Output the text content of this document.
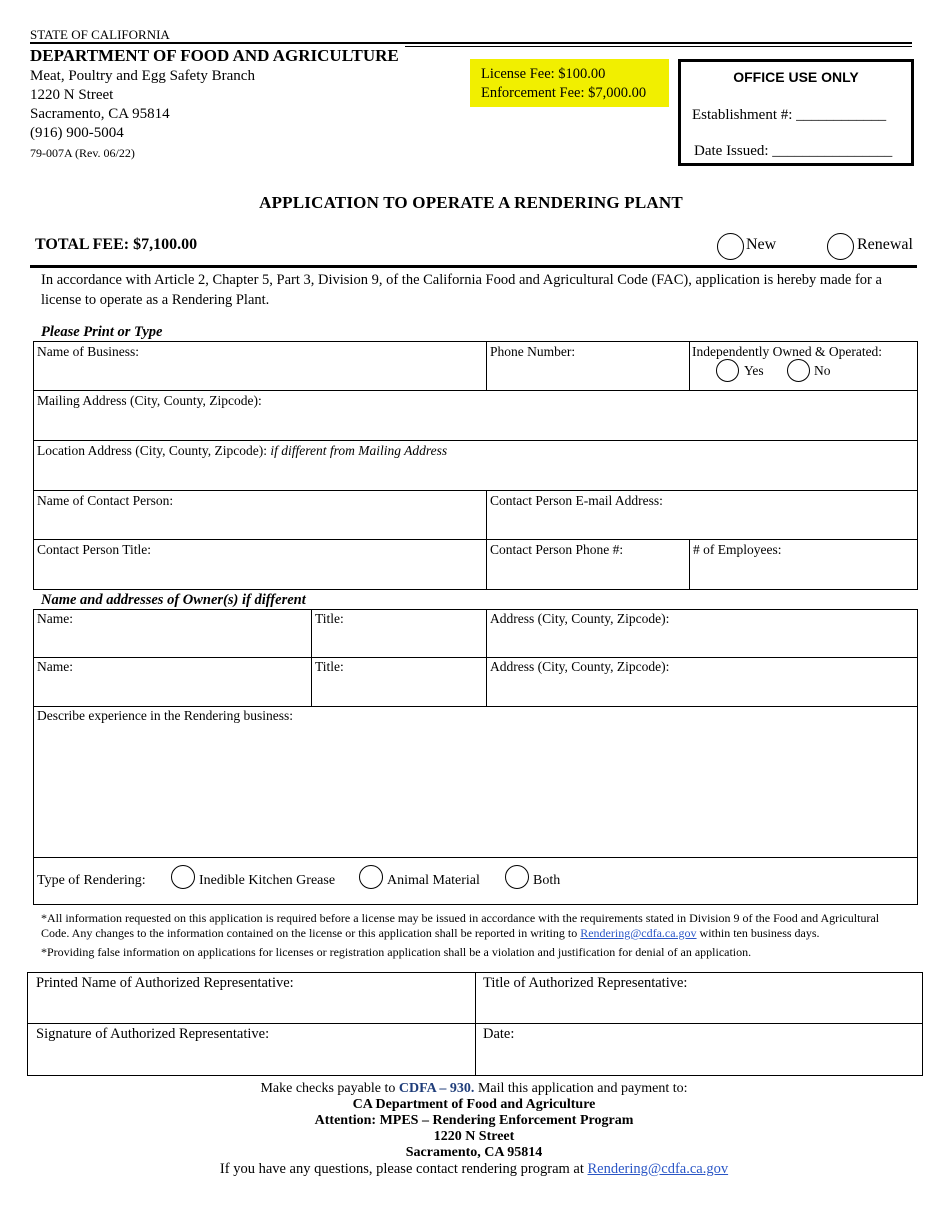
STATE OF CALIFORNIA
DEPARTMENT OF FOOD AND AGRICULTURE
Meat, Poultry and Egg Safety Branch
1220 N Street
Sacramento, CA 95814
(916) 900-5004
79-007A (Rev. 06/22)
License Fee: $100.00
Enforcement Fee: $7,000.00
OFFICE USE ONLY
Establishment #: ____________
Date Issued: ________________
APPLICATION TO OPERATE A RENDERING PLANT
TOTAL FEE: $7,100.00	New	Renewal
In accordance with Article 2, Chapter 5, Part 3, Division 9, of the California Food and Agricultural Code (FAC), application is hereby made for a license to operate as a Rendering Plant.
Please Print or Type
Name of Business:	Phone Number:	Independently Owned & Operated:
Yes	No
Mailing Address (City, County, Zipcode):
Location Address (City, County, Zipcode): if different from Mailing Address
Name of Contact Person:	Contact Person E-mail Address:
Contact Person Title:	Contact Person Phone #:	# of Employees:
Name and addresses of Owner(s) if different
Name:	Title:	Address (City, County, Zipcode):
Name:	Title:	Address (City, County, Zipcode):
Describe experience in the Rendering business:
Type of Rendering:	Inedible Kitchen Grease	Animal Material	Both
*All information requested on this application is required before a license may be issued in accordance with the requirements stated in Division 9 of the Food and Agricultural
Code. Any changes to the information contained on the license or this application shall be reported in writing to Rendering@cdfa.ca.gov within ten business days.
*Providing false information on applications for licenses or registration application shall be a violation and justification for denial of an application.
Printed Name of Authorized Representative:	Title of Authorized Representative:
Signature of Authorized Representative:	Date:
Make checks payable to CDFA – 930. Mail this application and payment to:
CA Department of Food and Agriculture
Attention: MPES – Rendering Enforcement Program
1220 N Street
Sacramento, CA 95814
If you have any questions, please contact rendering program at Rendering@cdfa.ca.gov
